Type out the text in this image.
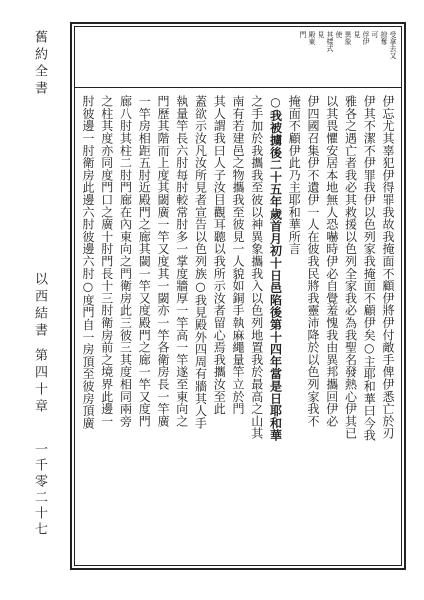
舊約全書
以西結書 第四十章
一千零二十七
受拿去又
掠奪
可
俘伊
見
異象
使
其樣式
見
殿東
門
伊忘尤其辜犯伊得罪我故我掩面不顧伊將伊付敵手俾伊悉亡於刃
伊其不潔不伊罪我伊以色列家我掩面不顧伊矣○主耶和華曰今我
雅各之遇亡者我必其救援以色列全家我必為我聖名發熱心伊其已
以其畏懼安居本地無人恐嚇時伊必自覺羞愧我由異邦攜回伊必
伊四國召集伊不遺伊一人在彼我民將我靈沛降於以色列家我不
掩面不顧伊此乃主耶和華所言
○我被擄後二十五年歲首月初十日邑陷後第十四年當是日耶和華
之手加於我攜我至彼以神異象攜我入以色列地置我於最高之山其
南有若建邑之物攜我至彼見一人貌如銅手執麻繩量竿立於門
其人謂我曰人子汝目觀耳聽以我所示汝者留心焉我攜汝至此
蓋欲示汝凡汝所見者宣告以色列族○我見殿外四周有牆其人手
執量竿長六肘每肘較常肘多一掌度牆厚一竿高一竿遂至東向之
門歷其階而上度其閾廣一竿又度其一閾亦一竿各衛房長一竿廣
一竿房相距五肘近殿門之廊其閾一竿又度殿門之廊一竿又度門
廊八肘其柱二肘門廊在內東向之門衛房此三彼三其度相同兩旁
之柱其度亦同度門口之廣十肘門長十三肘衛房前之境界此邊一
肘彼邊一肘衛房此邊六肘彼邊六肘○度門自一房頂至彼房頂廣
